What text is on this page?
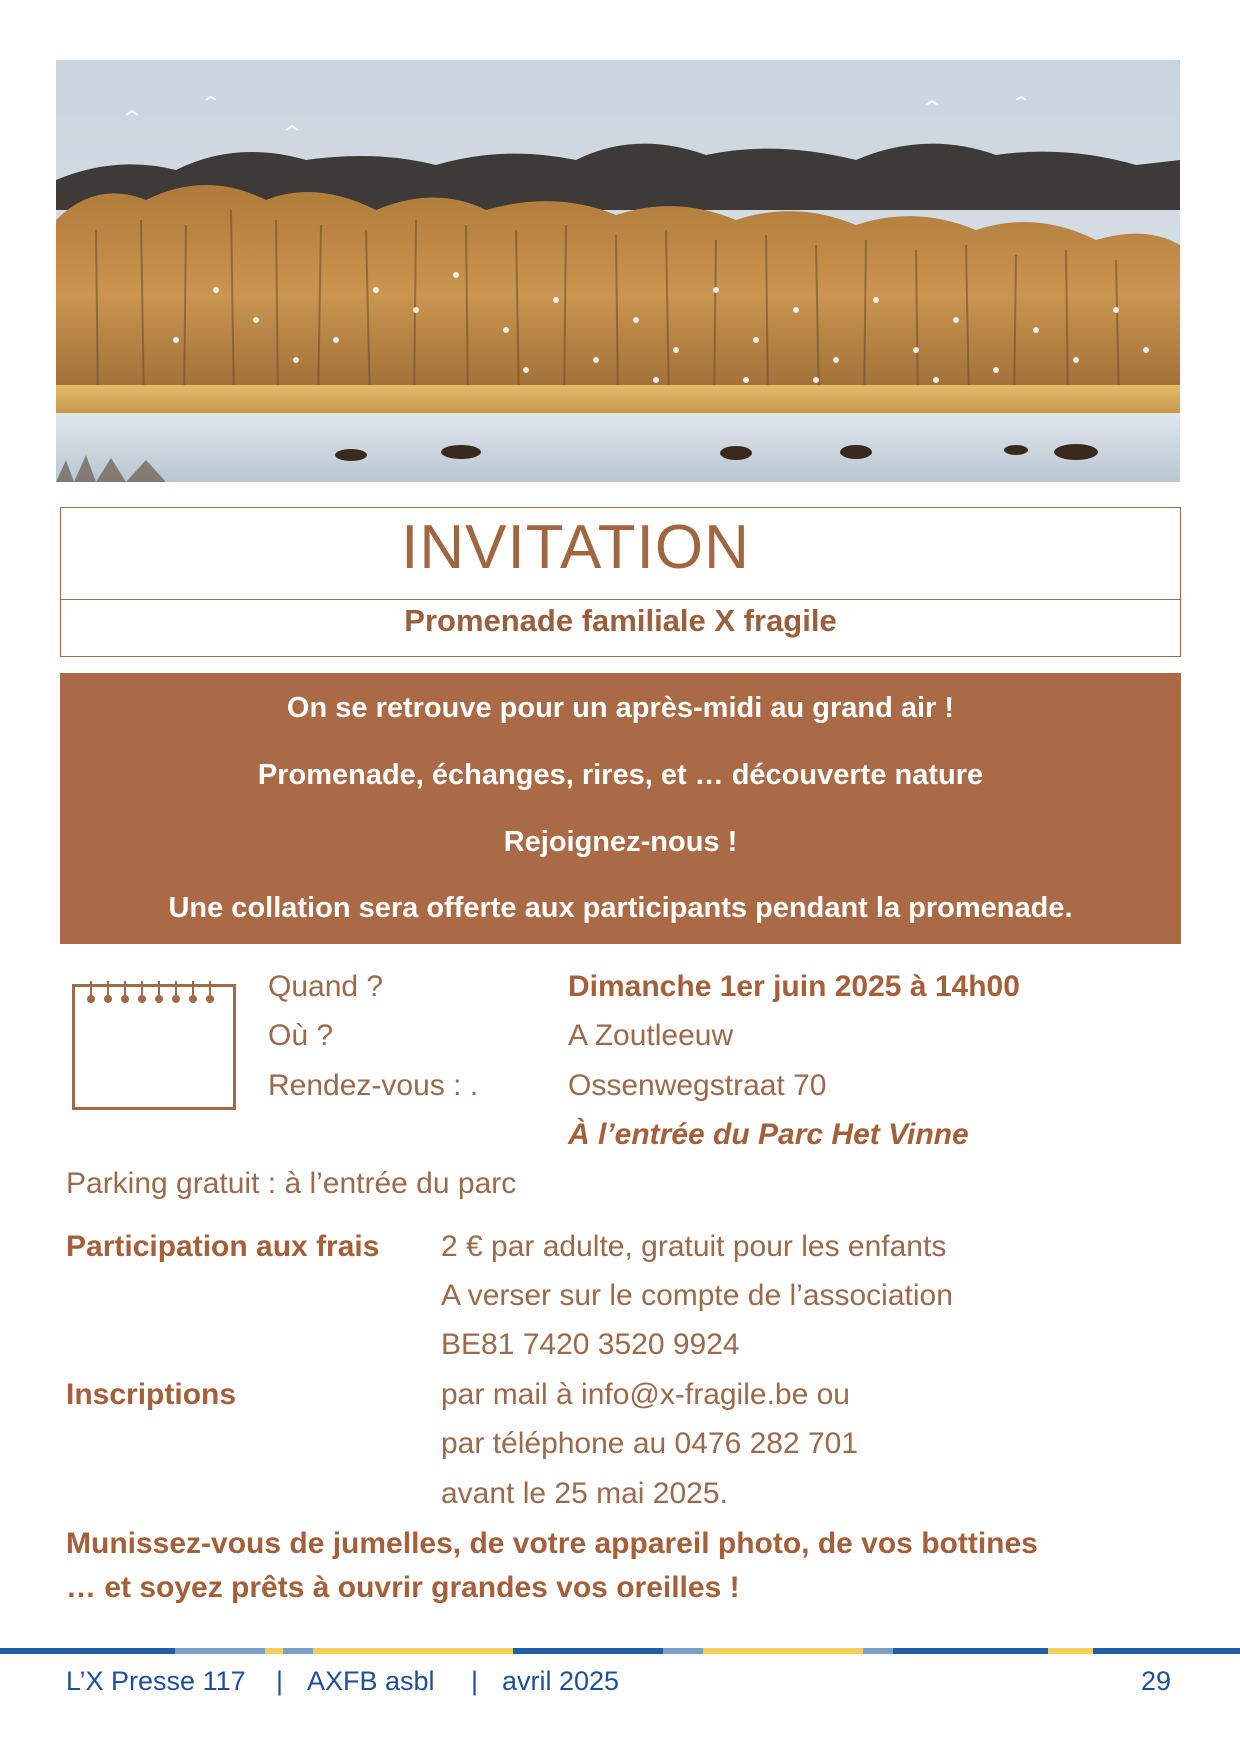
INVITATION
Promenade familiale X fragile
On se retrouve pour un après-midi au grand air !
Promenade, échanges, rires, et … découverte nature
Rejoignez-nous !
Une collation sera offerte aux participants pendant la promenade.
Quand ?	Dimanche 1er juin 2025 à 14h00
Où ?	A Zoutleeuw
Rendez-vous : .	Ossenwegstraat 70
À l’entrée du Parc Het Vinne
Parking gratuit : à l’entrée du parc
Participation aux frais 2 € par adulte, gratuit pour les enfants
A verser sur le compte de l’association
BE81 7420 3520 9924
Inscriptions	par mail à info@x-fragile.be ou
par téléphone au 0476 282 701
avant le 25 mai 2025.
Munissez-vous de jumelles, de votre appareil photo, de vos bottines
… et soyez prêts à ouvrir grandes vos oreilles !
L’X Presse 117 | AXFB asbl | avril 2025	29
